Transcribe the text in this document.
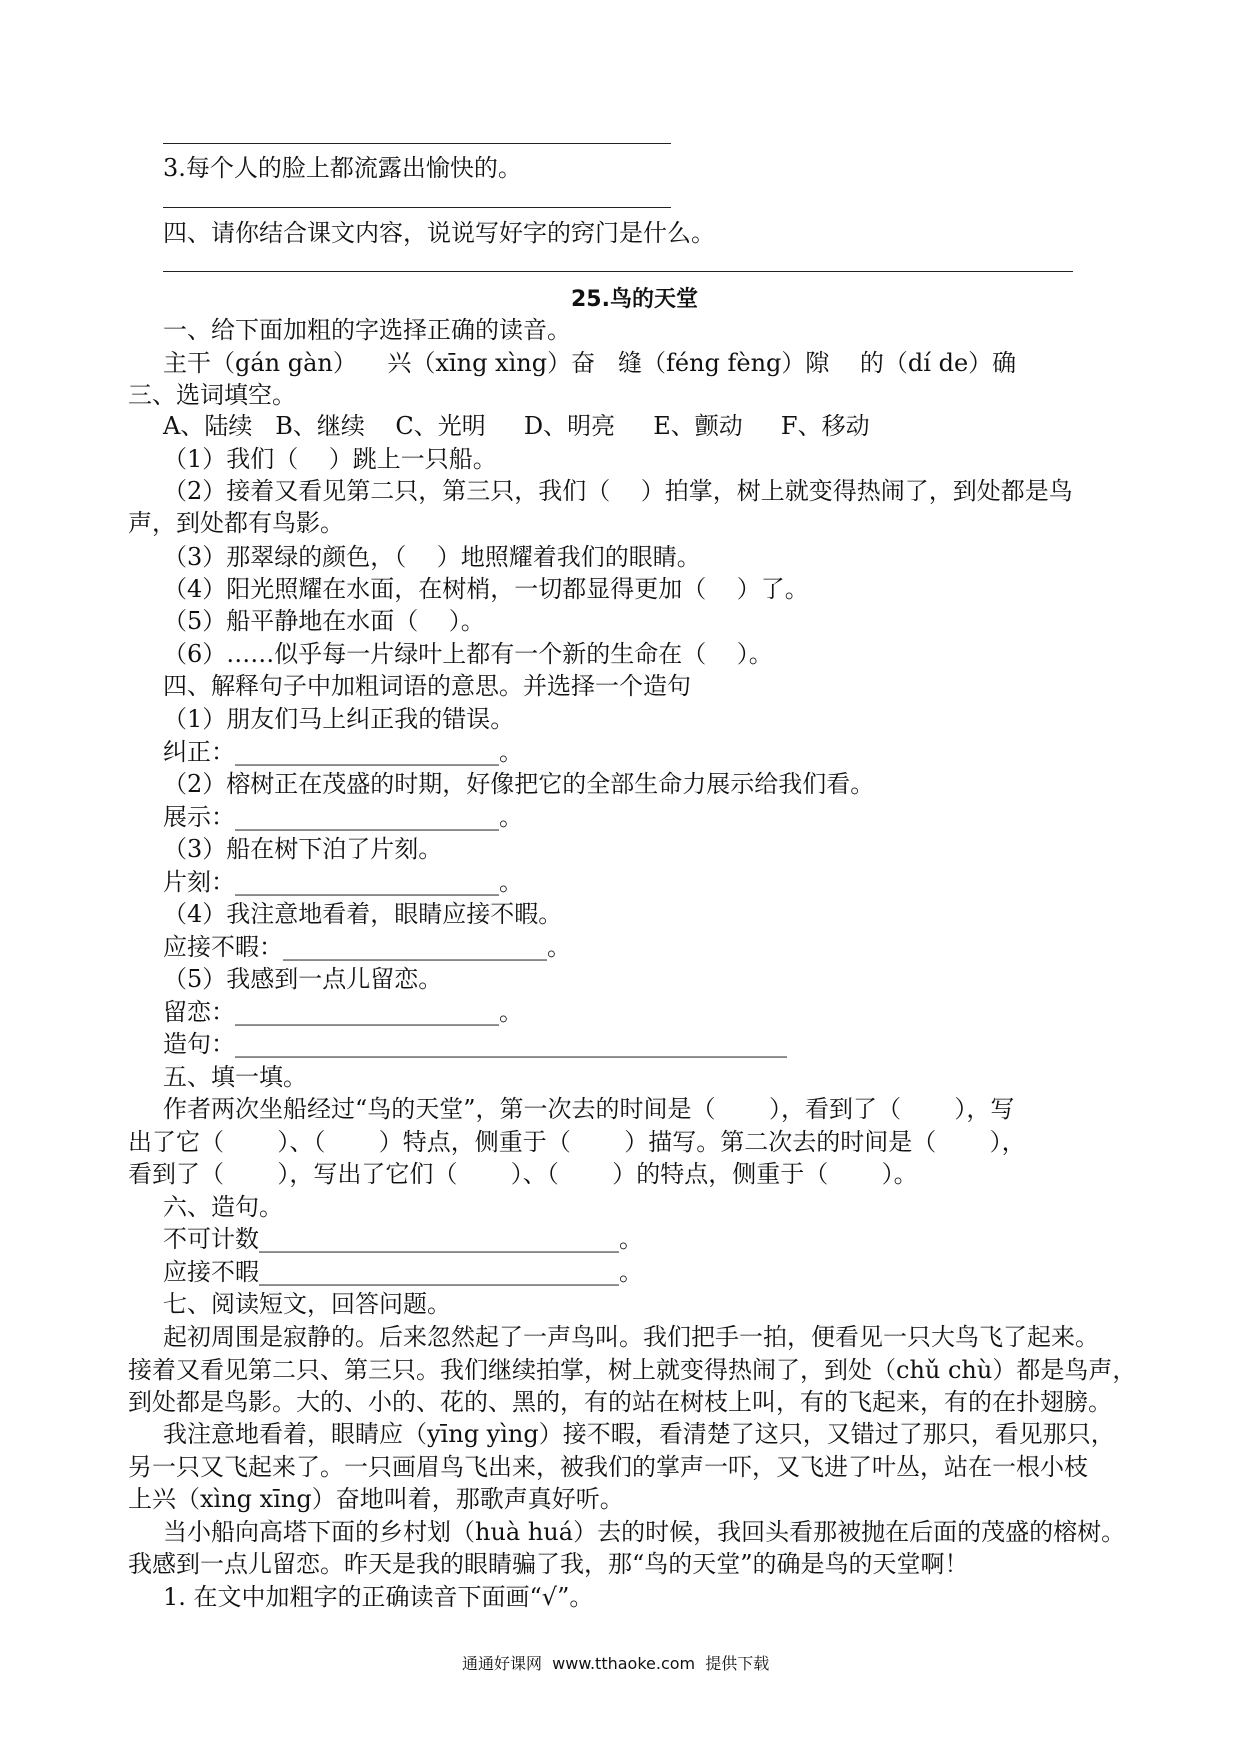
3.每个人的脸上都流露出愉快的。
四、请你结合课文内容，说说写好字的窍门是什么。
25.鸟的天堂
一、给下面加粗的字选择正确的读音。
主干（gán gàn）    兴（xīng xìng）奋   缝（féng fèng）隙    的（dí de）确
三、选词填空。
A、陆续   B、继续    C、光明     D、明亮     E、颤动     F、移动
（1）我们（    ）跳上一只船。
（2）接着又看见第二只，第三只，我们（    ）拍掌，树上就变得热闹了，到处都是鸟
声，到处都有鸟影。
（3）那翠绿的颜色，（    ）地照耀着我们的眼睛。
（4）阳光照耀在水面，在树梢，一切都显得更加（    ）了。
（5）船平静地在水面（    ）。
（6）……似乎每一片绿叶上都有一个新的生命在（    ）。
四、解释句子中加粗词语的意思。并选择一个造句
（1）朋友们马上纠正我的错误。
纠正：______________________。
（2）榕树正在茂盛的时期，好像把它的全部生命力展示给我们看。
展示：______________________。
（3）船在树下泊了片刻。
片刻：______________________。
（4）我注意地看着，眼睛应接不暇。
应接不暇：______________________。
（5）我感到一点儿留恋。
留恋：______________________。
造句：______________________________________________
五、填一填。
作者两次坐船经过“鸟的天堂”，第一次去的时间是（       ），看到了（       ），写
出了它（       ）、（       ）特点，侧重于（       ）描写。第二次去的时间是（       ），
看到了（       ），写出了它们（       ）、（       ）的特点，侧重于（       ）。
六、造句。
不可计数______________________________。
应接不暇______________________________。
七、阅读短文，回答问题。
起初周围是寂静的。后来忽然起了一声鸟叫。我们把手一拍，便看见一只大鸟飞了起来。
接着又看见第二只、第三只。我们继续拍掌，树上就变得热闹了，到处（chǔ chù）都是鸟声，
到处都是鸟影。大的、小的、花的、黑的，有的站在树枝上叫，有的飞起来，有的在扑翅膀。
我注意地看着，眼睛应（yīng yìng）接不暇，看清楚了这只，又错过了那只，看见那只，
另一只又飞起来了。一只画眉鸟飞出来，被我们的掌声一吓，又飞进了叶丛，站在一根小枝
上兴（xìng xīng）奋地叫着，那歌声真好听。
当小船向高塔下面的乡村划（huà huá）去的时候，我回头看那被抛在后面的茂盛的榕树。
我感到一点儿留恋。昨天是我的眼睛骗了我，那“鸟的天堂”的确是鸟的天堂啊！
1. 在文中加粗字的正确读音下面画“√”。
通通好课网  www.tthaoke.com  提供下载
